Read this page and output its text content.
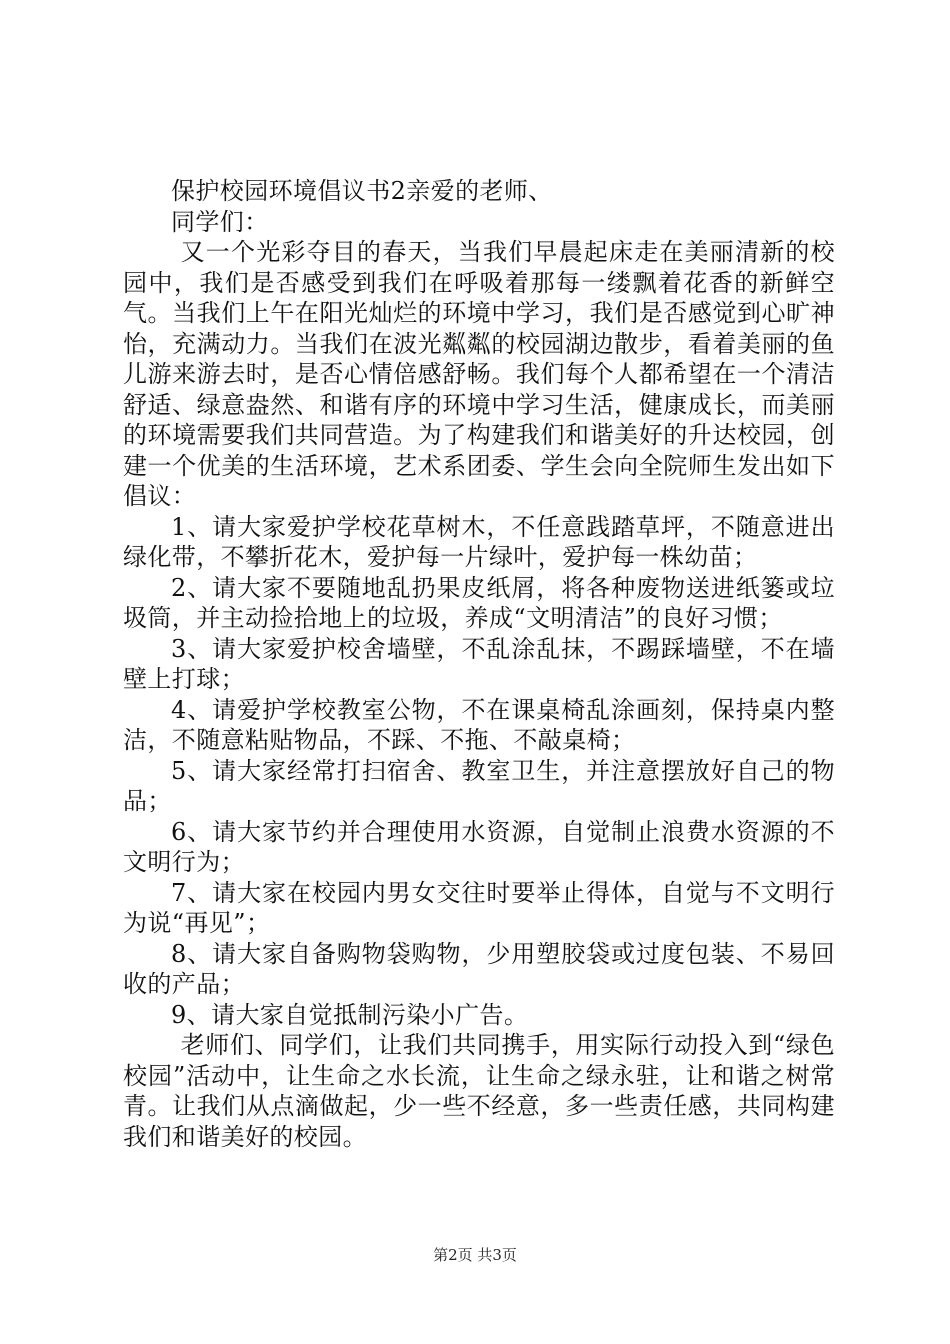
保护校园环境倡议书2亲爱的老师、

同学们：

又一个光彩夺目的春天，当我们早晨起床走在美丽清新的校园中，我们是否感受到我们在呼吸着那每一缕飘着花香的新鲜空气。当我们上午在阳光灿烂的环境中学习，我们是否感觉到心旷神怡，充满动力。当我们在波光粼粼的校园湖边散步，看着美丽的鱼儿游来游去时，是否心情倍感舒畅。我们每个人都希望在一个清洁舒适、绿意盎然、和谐有序的环境中学习生活，健康成长，而美丽的环境需要我们共同营造。为了构建我们和谐美好的升达校园，创建一个优美的生活环境，艺术系团委、学生会向全院师生发出如下倡议：

1、请大家爱护学校花草树木，不任意践踏草坪，不随意进出绿化带，不攀折花木，爱护每一片绿叶，爱护每一株幼苗；

2、请大家不要随地乱扔果皮纸屑，将各种废物送进纸篓或垃圾筒，并主动捡拾地上的垃圾，养成“文明清洁”的良好习惯；

3、请大家爱护校舍墙壁，不乱涂乱抹，不踢踩墙壁，不在墙壁上打球；

4、请爱护学校教室公物，不在课桌椅乱涂画刻，保持桌内整洁，不随意粘贴物品，不踩、不拖、不敲桌椅；

5、请大家经常打扫宿舍、教室卫生，并注意摆放好自己的物品；

6、请大家节约并合理使用水资源，自觉制止浪费水资源的不文明行为；

7、请大家在校园内男女交往时要举止得体，自觉与不文明行为说“再见”；

8、请大家自备购物袋购物，少用塑胶袋或过度包装、不易回收的产品；

9、请大家自觉抵制污染小广告。

老师们、同学们，让我们共同携手，用实际行动投入到“绿色校园”活动中，让生命之水长流，让生命之绿永驻，让和谐之树常青。让我们从点滴做起，少一些不经意，多一些责任感，共同构建我们和谐美好的校园。

第2页 共3页
